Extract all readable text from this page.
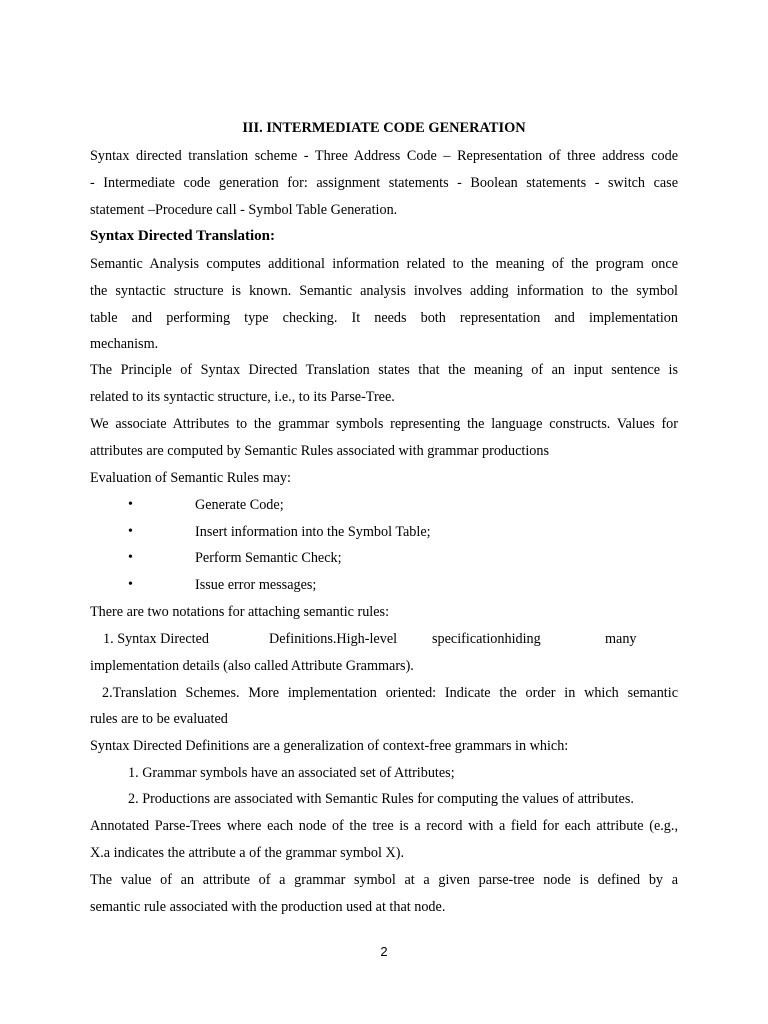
III. INTERMEDIATE CODE GENERATION
Syntax directed translation scheme - Three Address Code – Representation of three address code
- Intermediate code generation for: assignment statements - Boolean statements - switch case
statement –Procedure call - Symbol Table Generation.
Syntax Directed Translation:
Semantic Analysis computes additional information related to the meaning of the program once
the syntactic structure is known. Semantic analysis involves adding information to the symbol
table and performing type checking. It needs both representation and implementation
mechanism.
The Principle of Syntax Directed Translation states that the meaning of an input sentence is
related to its syntactic structure, i.e., to its Parse-Tree.
We associate Attributes to the grammar symbols representing the language constructs. Values for
attributes are computed by Semantic Rules associated with grammar productions
Evaluation of Semantic Rules may:
•	Generate Code;
•	Insert information into the Symbol Table;
•	Perform Semantic Check;
•	Issue error messages;
There are two notations for attaching semantic rules:
1. Syntax Directed	Definitions.High-level specificationhiding	many
implementation details (also called Attribute Grammars).
2.Translation Schemes. More implementation oriented: Indicate the order in which semantic
rules are to be evaluated
Syntax Directed Definitions are a generalization of context-free grammars in which:
1. Grammar symbols have an associated set of Attributes;
2. Productions are associated with Semantic Rules for computing the values of attributes.
Annotated Parse-Trees where each node of the tree is a record with a field for each attribute (e.g.,
X.a indicates the attribute a of the grammar symbol X).
The value of an attribute of a grammar symbol at a given parse-tree node is defined by a
semantic rule associated with the production used at that node.
2
